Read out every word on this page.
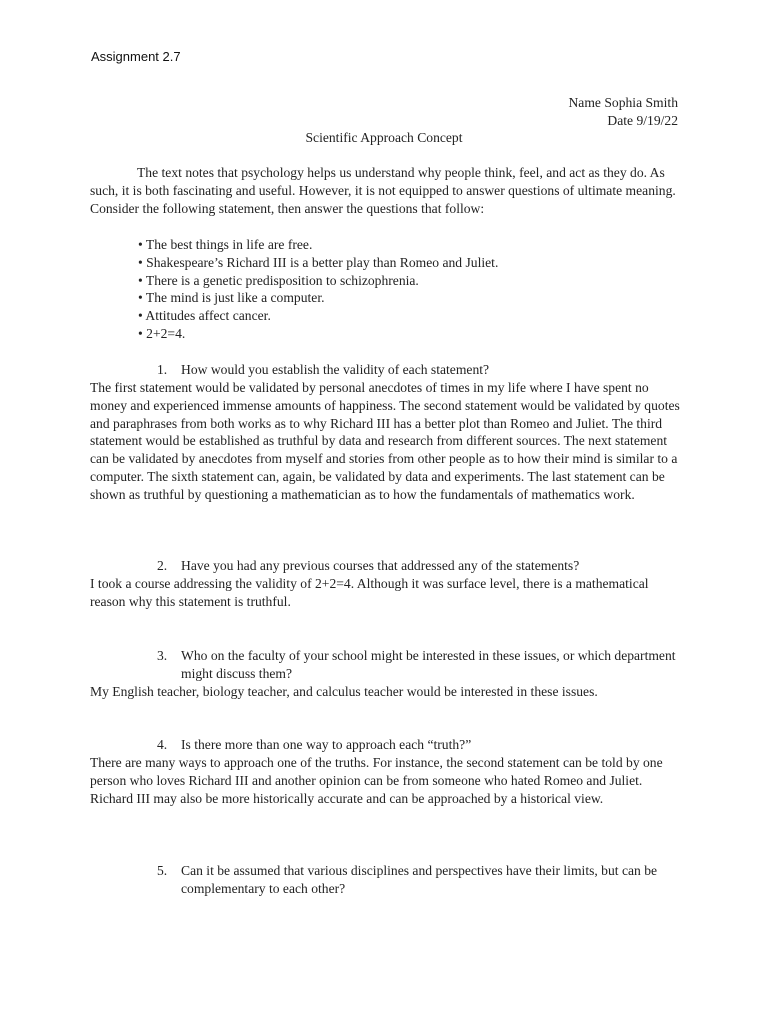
Assignment 2.7
Name Sophia Smith
Date 9/19/22
Scientific Approach Concept

The text notes that psychology helps us understand why people think, feel, and act as they do. As such, it is both fascinating and useful. However, it is not equipped to answer questions of ultimate meaning. Consider the following statement, then answer the questions that follow:

• The best things in life are free.
• Shakespeare’s Richard III is a better play than Romeo and Juliet.
• There is a genetic predisposition to schizophrenia.
• The mind is just like a computer.
• Attitudes affect cancer.
• 2+2=4.
1.	How would you establish the validity of each statement?
The first statement would be validated by personal anecdotes of times in my life where I have spent no money and experienced immense amounts of happiness. The second statement would be validated by quotes and paraphrases from both works as to why Richard III has a better plot than Romeo and Juliet. The third statement would be established as truthful by data and research from different sources. The next statement can be validated by anecdotes from myself and stories from other people as to how their mind is similar to a computer. The sixth statement can, again, be validated by data and experiments. The last statement can be shown as truthful by questioning a mathematician as to how the fundamentals of mathematics work.
2.	Have you had any previous courses that addressed any of the statements?
I took a course addressing the validity of 2+2=4. Although it was surface level, there is a mathematical reason why this statement is truthful.
3.	Who on the faculty of your school might be interested in these issues, or which department might discuss them?
My English teacher, biology teacher, and calculus teacher would be interested in these issues.
4.	Is there more than one way to approach each “truth?”
There are many ways to approach one of the truths. For instance, the second statement can be told by one person who loves Richard III and another opinion can be from someone who hated Romeo and Juliet. Richard III may also be more historically accurate and can be approached by a historical view.
5.	Can it be assumed that various disciplines and perspectives have their limits, but can be complementary to each other?
